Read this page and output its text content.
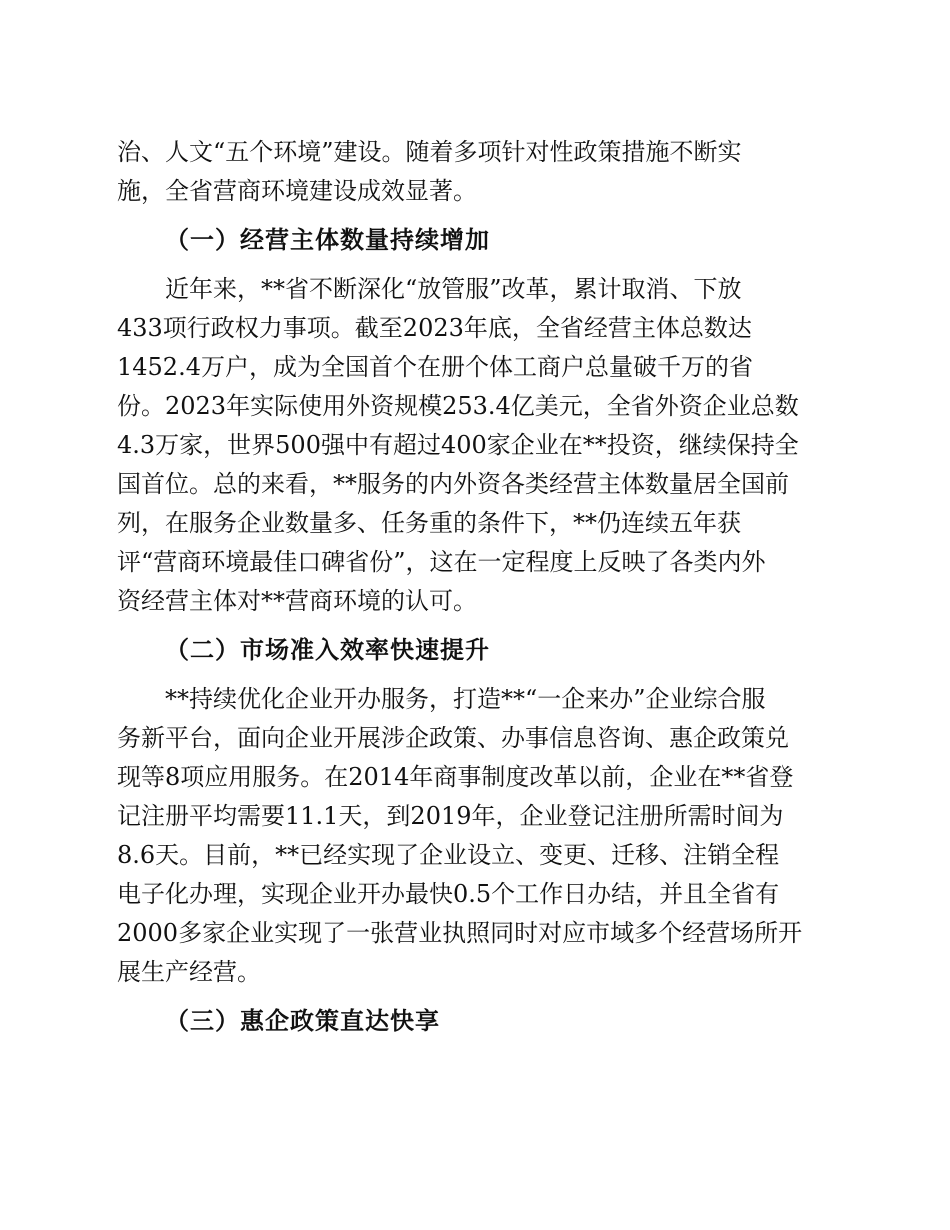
治、人文“五个环境”建设。随着多项针对性政策措施不断实
施，全省营商环境建设成效显著。
（一）经营主体数量持续增加
近年来，**省不断深化“放管服”改革，累计取消、下放
433项行政权力事项。截至2023年底，全省经营主体总数达
1452.4万户，成为全国首个在册个体工商户总量破千万的省
份。2023年实际使用外资规模253.4亿美元，全省外资企业总数
4.3万家，世界500强中有超过400家企业在**投资，继续保持全
国首位。总的来看，**服务的内外资各类经营主体数量居全国前
列，在服务企业数量多、任务重的条件下，**仍连续五年获
评“营商环境最佳口碑省份”，这在一定程度上反映了各类内外
资经营主体对**营商环境的认可。
（二）市场准入效率快速提升
**持续优化企业开办服务，打造**“一企来办”企业综合服
务新平台，面向企业开展涉企政策、办事信息咨询、惠企政策兑
现等8项应用服务。在2014年商事制度改革以前，企业在**省登
记注册平均需要11.1天，到2019年，企业登记注册所需时间为
8.6天。目前，**已经实现了企业设立、变更、迁移、注销全程
电子化办理，实现企业开办最快0.5个工作日办结，并且全省有
2000多家企业实现了一张营业执照同时对应市域多个经营场所开
展生产经营。
（三）惠企政策直达快享
